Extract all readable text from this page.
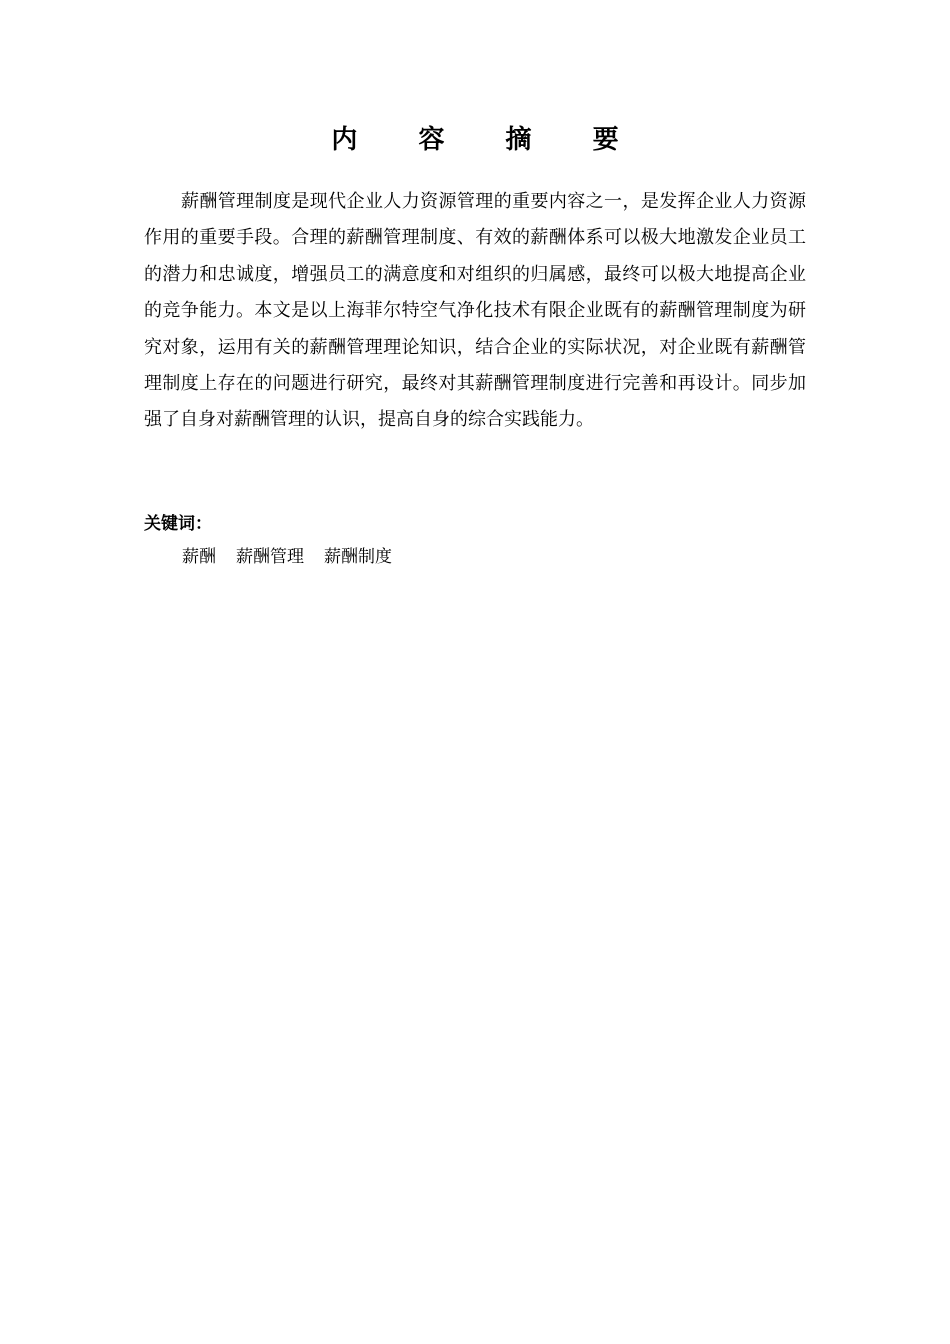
内 容 摘 要

薪酬管理制度是现代企业人力资源管理的重要内容之一，是发挥企业人力资源作用的重要手段。合理的薪酬管理制度、有效的薪酬体系可以极大地激发企业员工的潜力和忠诚度，增强员工的满意度和对组织的归属感，最终可以极大地提高企业的竞争能力。本文是以上海菲尔特空气净化技术有限企业既有的薪酬管理制度为研究对象，运用有关的薪酬管理理论知识，结合企业的实际状况，对企业既有薪酬管理制度上存在的问题进行研究，最终对其薪酬管理制度进行完善和再设计。同步加强了自身对薪酬管理的认识，提高自身的综合实践能力。

关键词：
薪酬 薪酬管理 薪酬制度
